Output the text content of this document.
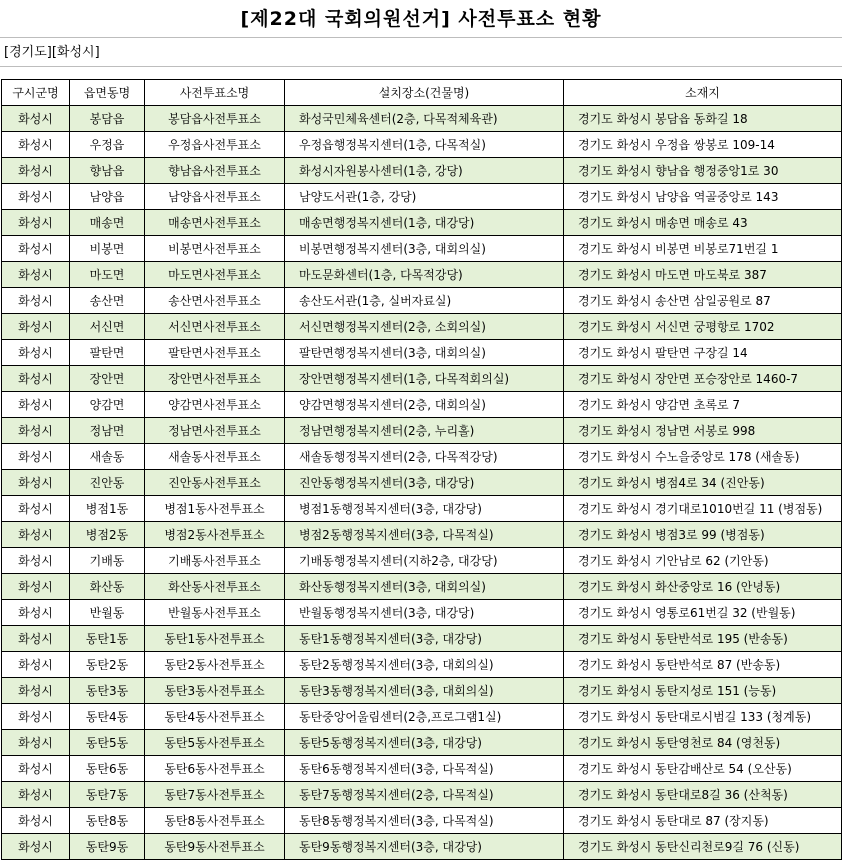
[제22대 국회의원선거] 사전투표소 현황
[경기도][화성시]
구시군명	읍면동명	사전투표소명	설치장소(건물명)	소재지
화성시	봉담읍	봉담읍사전투표소	화성국민체육센터(2층, 다목적체육관)	경기도 화성시 봉담읍 동화길 18
화성시	우정읍	우정읍사전투표소	우정읍행정복지센터(1층, 다목적실)	경기도 화성시 우정읍 쌍봉로 109-14
화성시	향남읍	향남읍사전투표소	화성시자원봉사센터(1층, 강당)	경기도 화성시 향남읍 행정중앙1로 30
화성시	남양읍	남양읍사전투표소	남양도서관(1층, 강당)	경기도 화성시 남양읍 역골중앙로 143
화성시	매송면	매송면사전투표소	매송면행정복지센터(1층, 대강당)	경기도 화성시 매송면 매송로 43
화성시	비봉면	비봉면사전투표소	비봉면행정복지센터(3층, 대회의실)	경기도 화성시 비봉면 비봉로71번길 1
화성시	마도면	마도면사전투표소	마도문화센터(1층, 다목적강당)	경기도 화성시 마도면 마도북로 387
화성시	송산면	송산면사전투표소	송산도서관(1층, 실버자료실)	경기도 화성시 송산면 삼일공원로 87
화성시	서신면	서신면사전투표소	서신면행정복지센터(2층, 소회의실)	경기도 화성시 서신면 궁평항로 1702
화성시	팔탄면	팔탄면사전투표소	팔탄면행정복지센터(3층, 대회의실)	경기도 화성시 팔탄면 구장길 14
화성시	장안면	장안면사전투표소	장안면행정복지센터(1층, 다목적회의실)	경기도 화성시 장안면 포승장안로 1460-7
화성시	양감면	양감면사전투표소	양감면행정복지센터(2층, 대회의실)	경기도 화성시 양감면 초록로 7
화성시	정남면	정남면사전투표소	정남면행정복지센터(2층, 누리홀)	경기도 화성시 정남면 서봉로 998
화성시	새솔동	새솔동사전투표소	새솔동행정복지센터(2층, 다목적강당)	경기도 화성시 수노을중앙로 178 (새솔동)
화성시	진안동	진안동사전투표소	진안동행정복지센터(3층, 대강당)	경기도 화성시 병점4로 34 (진안동)
화성시	병점1동	병점1동사전투표소	병점1동행정복지센터(3층, 대강당)	경기도 화성시 경기대로1010번길 11 (병점동)
화성시	병점2동	병점2동사전투표소	병점2동행정복지센터(3층, 다목적실)	경기도 화성시 병점3로 99 (병점동)
화성시	기배동	기배동사전투표소	기배동행정복지센터(지하2층, 대강당)	경기도 화성시 기안남로 62 (기안동)
화성시	화산동	화산동사전투표소	화산동행정복지센터(3층, 대회의실)	경기도 화성시 화산중앙로 16 (안녕동)
화성시	반월동	반월동사전투표소	반월동행정복지센터(3층, 대강당)	경기도 화성시 영통로61번길 32 (반월동)
화성시	동탄1동	동탄1동사전투표소	동탄1동행정복지센터(3층, 대강당)	경기도 화성시 동탄반석로 195 (반송동)
화성시	동탄2동	동탄2동사전투표소	동탄2동행정복지센터(3층, 대회의실)	경기도 화성시 동탄반석로 87 (반송동)
화성시	동탄3동	동탄3동사전투표소	동탄3동행정복지센터(3층, 대회의실)	경기도 화성시 동탄지성로 151 (능동)
화성시	동탄4동	동탄4동사전투표소	동탄중앙어울림센터(2층,프로그램1실)	경기도 화성시 동탄대로시범길 133 (청계동)
화성시	동탄5동	동탄5동사전투표소	동탄5동행정복지센터(3층, 대강당)	경기도 화성시 동탄영천로 84 (영천동)
화성시	동탄6동	동탄6동사전투표소	동탄6동행정복지센터(3층, 다목적실)	경기도 화성시 동탄감배산로 54 (오산동)
화성시	동탄7동	동탄7동사전투표소	동탄7동행정복지센터(2층, 다목적실)	경기도 화성시 동탄대로8길 36 (산척동)
화성시	동탄8동	동탄8동사전투표소	동탄8동행정복지센터(3층, 다목적실)	경기도 화성시 동탄대로 87 (장지동)
화성시	동탄9동	동탄9동사전투표소	동탄9동행정복지센터(3층, 대강당)	경기도 화성시 동탄신리천로9길 76 (신동)
